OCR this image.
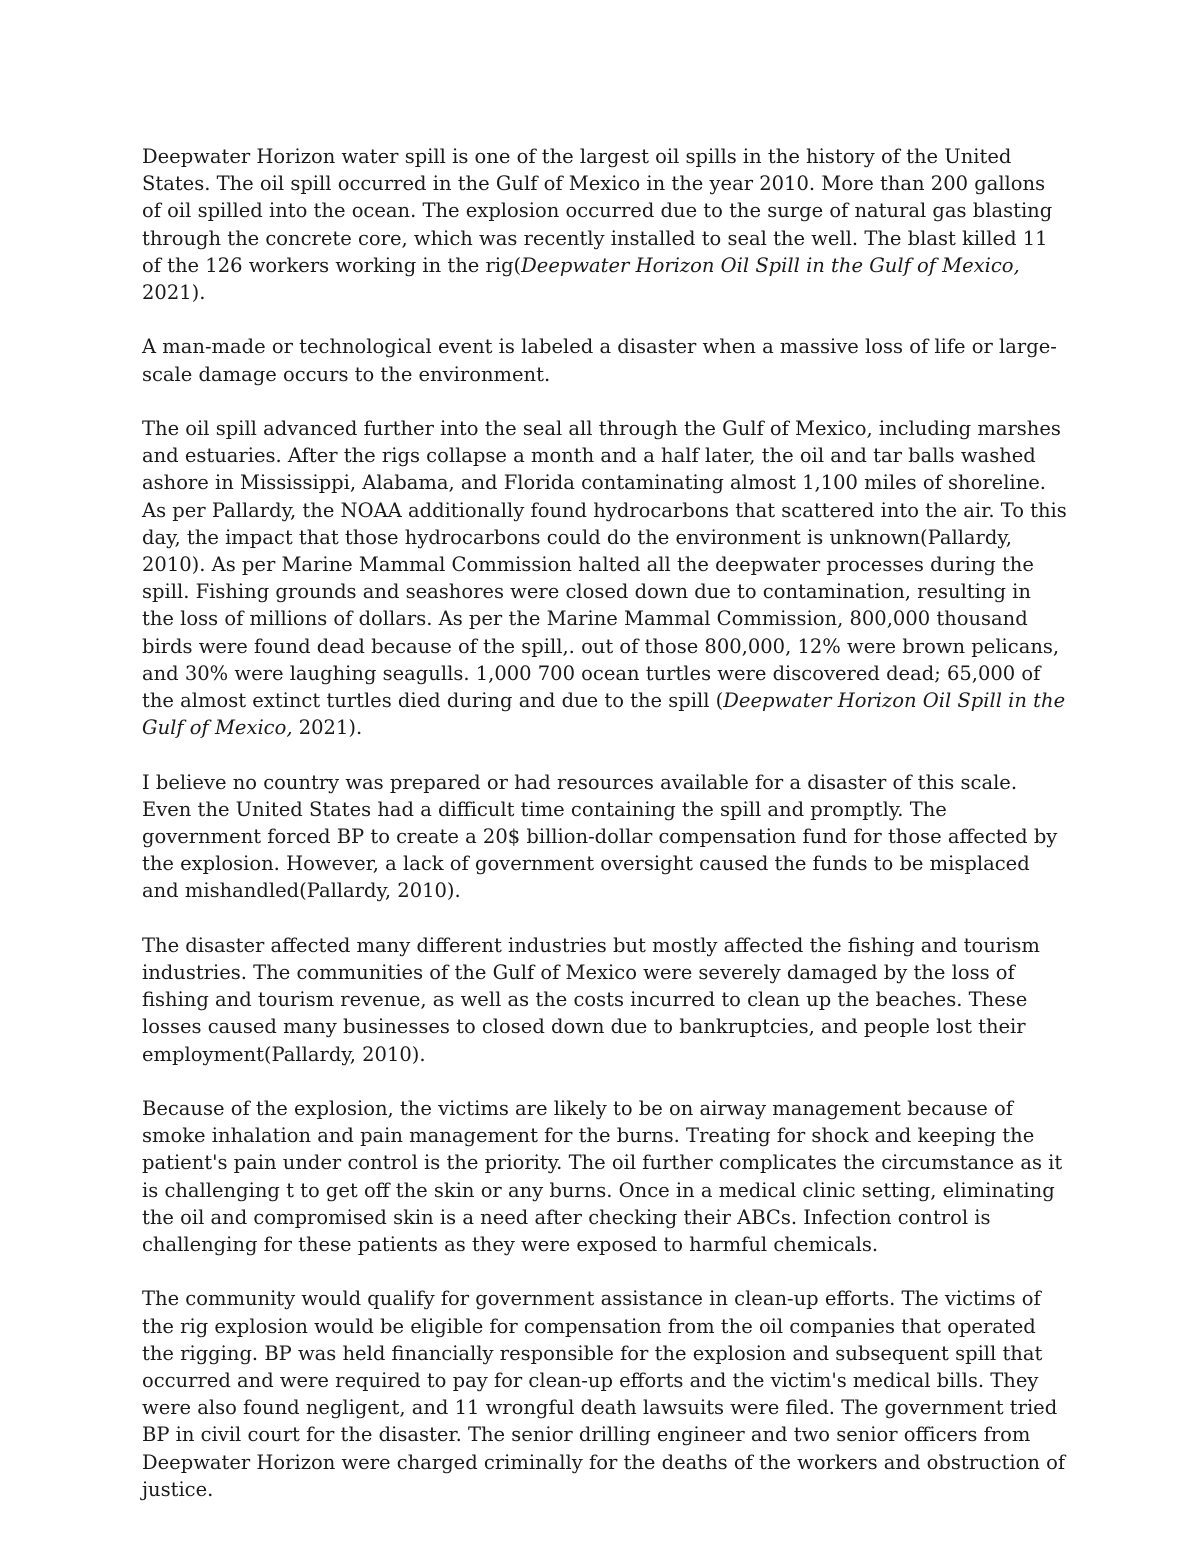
Deepwater Horizon water spill is one of the largest oil spills in the history of the United States. The oil spill occurred in the Gulf of Mexico in the year 2010. More than 200 gallons of oil spilled into the ocean. The explosion occurred due to the surge of natural gas blasting through the concrete core, which was recently installed to seal the well. The blast killed 11 of the 126 workers working in the rig(Deepwater Horizon Oil Spill in the Gulf of Mexico, 2021).

A man-made or technological event is labeled a disaster when a massive loss of life or large-scale damage occurs to the environment.

The oil spill advanced further into the seal all through the Gulf of Mexico, including marshes and estuaries. After the rigs collapse a month and a half later, the oil and tar balls washed ashore in Mississippi, Alabama, and Florida contaminating almost 1,100 miles of shoreline. As per Pallardy, the NOAA additionally found hydrocarbons that scattered into the air. To this day, the impact that those hydrocarbons could do the environment is unknown(Pallardy, 2010). As per Marine Mammal Commission halted all the deepwater processes during the spill. Fishing grounds and seashores were closed down due to contamination, resulting in the loss of millions of dollars. As per the Marine Mammal Commission, 800,000 thousand birds were found dead because of the spill,. out of those 800,000, 12% were brown pelicans, and 30% were laughing seagulls. 1,000 700 ocean turtles were discovered dead; 65,000 of the almost extinct turtles died during and due to the spill (Deepwater Horizon Oil Spill in the Gulf of Mexico, 2021).

I believe no country was prepared or had resources available for a disaster of this scale. Even the United States had a difficult time containing the spill and promptly. The government forced BP to create a 20$ billion-dollar compensation fund for those affected by the explosion. However, a lack of government oversight caused the funds to be misplaced and mishandled(Pallardy, 2010).

The disaster affected many different industries but mostly affected the fishing and tourism industries. The communities of the Gulf of Mexico were severely damaged by the loss of fishing and tourism revenue, as well as the costs incurred to clean up the beaches. These losses caused many businesses to closed down due to bankruptcies, and people lost their employment(Pallardy, 2010).

Because of the explosion, the victims are likely to be on airway management because of smoke inhalation and pain management for the burns. Treating for shock and keeping the patient's pain under control is the priority. The oil further complicates the circumstance as it is challenging t to get off the skin or any burns. Once in a medical clinic setting, eliminating the oil and compromised skin is a need after checking their ABCs. Infection control is challenging for these patients as they were exposed to harmful chemicals.

The community would qualify for government assistance in clean-up efforts. The victims of the rig explosion would be eligible for compensation from the oil companies that operated the rigging. BP was held financially responsible for the explosion and subsequent spill that occurred and were required to pay for clean-up efforts and the victim's medical bills. They were also found negligent, and 11 wrongful death lawsuits were filed. The government tried BP in civil court for the disaster. The senior drilling engineer and two senior officers from Deepwater Horizon were charged criminally for the deaths of the workers and obstruction of justice.
